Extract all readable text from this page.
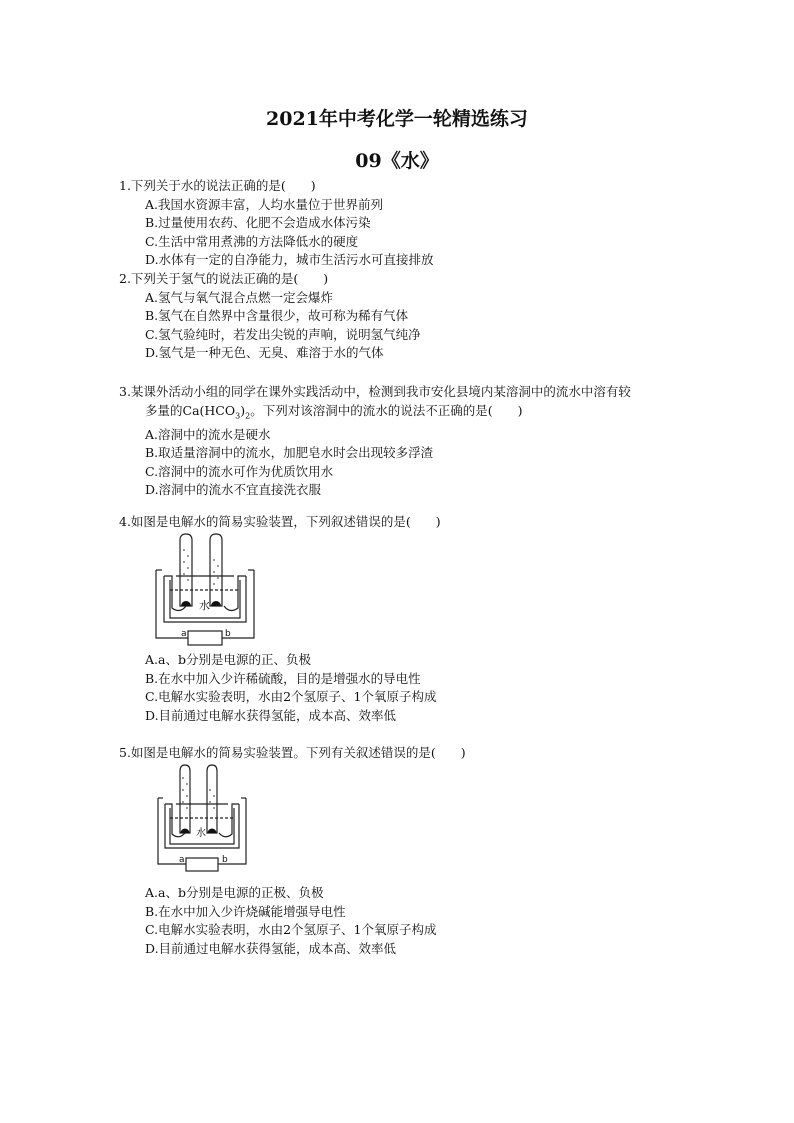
2021年中考化学一轮精选练习
09《水》
1.下列关于水的说法正确的是(　　)
A.我国水资源丰富，人均水量位于世界前列
B.过量使用农药、化肥不会造成水体污染
C.生活中常用煮沸的方法降低水的硬度
D.水体有一定的自净能力，城市生活污水可直接排放
2.下列关于氢气的说法正确的是(　　)
A.氢气与氧气混合点燃一定会爆炸
B.氢气在自然界中含量很少，故可称为稀有气体
C.氢气验纯时，若发出尖锐的声响，说明氢气纯净
D.氢气是一种无色、无臭、难溶于水的气体
3.某课外活动小组的同学在课外实践活动中，检测到我市安化县境内某溶洞中的流水中溶有较
多量的$Ca(HCO_3)_2$。下列对该溶洞中的流水的说法不正确的是(　　)
A.溶洞中的流水是硬水
B.取适量溶洞中的流水，加肥皂水时会出现较多浮渣
C.溶洞中的流水可作为优质饮用水
D.溶洞中的流水不宜直接洗衣服
4.如图是电解水的简易实验装置，下列叙述错误的是(　　)
水
a	b
A.a、b分别是电源的正、负极
B.在水中加入少许稀硫酸，目的是增强水的导电性
C.电解水实验表明，水由2个氢原子、1个氧原子构成
D.目前通过电解水获得氢能，成本高、效率低
5.如图是电解水的简易实验装置。下列有关叙述错误的是(　　)
水
a	b
A.a、b分别是电源的正极、负极
B.在水中加入少许烧碱能增强导电性
C.电解水实验表明，水由2个氢原子、1个氧原子构成
D.目前通过电解水获得氢能，成本高、效率低
